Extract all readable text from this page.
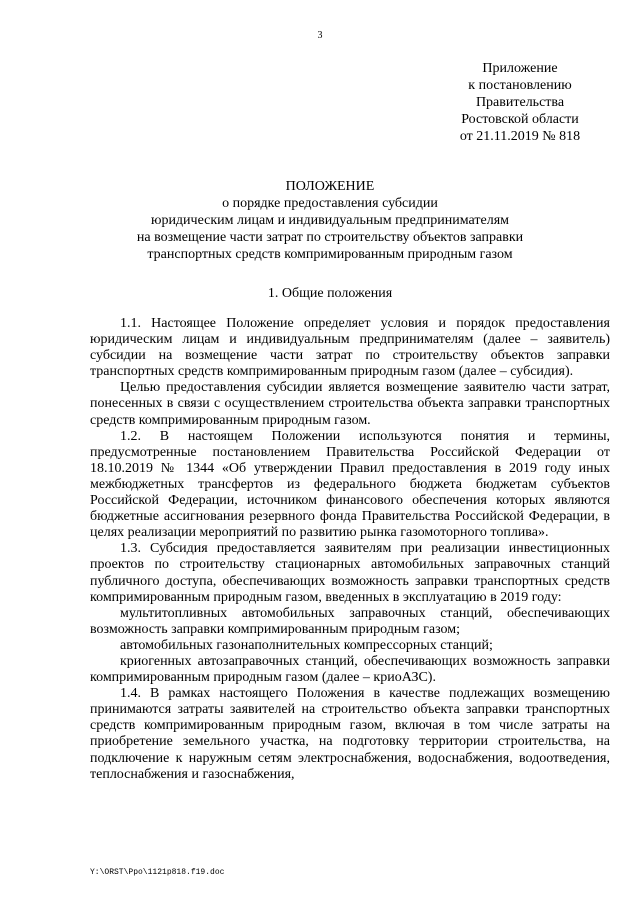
3
Приложение
к постановлению
Правительства
Ростовской области
от 21.11.2019 № 818
ПОЛОЖЕНИЕ
о порядке предоставления субсидии
юридическим лицам и индивидуальным предпринимателям
на возмещение части затрат по строительству объектов заправки
транспортных средств компримированным природным газом
1. Общие положения

1.1. Настоящее Положение определяет условия и порядок предоставления юридическим лицам и индивидуальным предпринимателям (далее – заявитель) субсидии на возмещение части затрат по строительству объектов заправки транспортных средств компримированным природным газом (далее – субсидия).

Целью предоставления субсидии является возмещение заявителю части затрат, понесенных в связи с осуществлением строительства объекта заправки транспортных средств компримированным природным газом.

1.2. В настоящем Положении используются понятия и термины, предусмотренные постановлением Правительства Российской Федерации от 18.10.2019 № 1344 «Об утверждении Правил предоставления в 2019 году иных межбюджетных трансфертов из федерального бюджета бюджетам субъектов Российской Федерации, источником финансового обеспечения которых являются бюджетные ассигнования резервного фонда Правительства Российской Федерации, в целях реализации мероприятий по развитию рынка газомоторного топлива».

1.3. Субсидия предоставляется заявителям при реализации инвестиционных проектов по строительству стационарных автомобильных заправочных станций публичного доступа, обеспечивающих возможность заправки транспортных средств компримированным природным газом, введенных в эксплуатацию в 2019 году:

мультитопливных автомобильных заправочных станций, обеспечивающих возможность заправки компримированным природным газом;

автомобильных газонаполнительных компрессорных станций;

криогенных автозаправочных станций, обеспечивающих возможность заправки компримированным природным газом (далее – криоАЗС).

1.4. В рамках настоящего Положения в качестве подлежащих возмещению принимаются затраты заявителей на строительство объекта заправки транспортных средств компримированным природным газом, включая в том числе затраты на приобретение земельного участка, на подготовку территории строительства, на подключение к наружным сетям электроснабжения, водоснабжения, водоотведения, теплоснабжения и газоснабжения,

Y:\ORST\Ppo\1121p818.f19.doc
